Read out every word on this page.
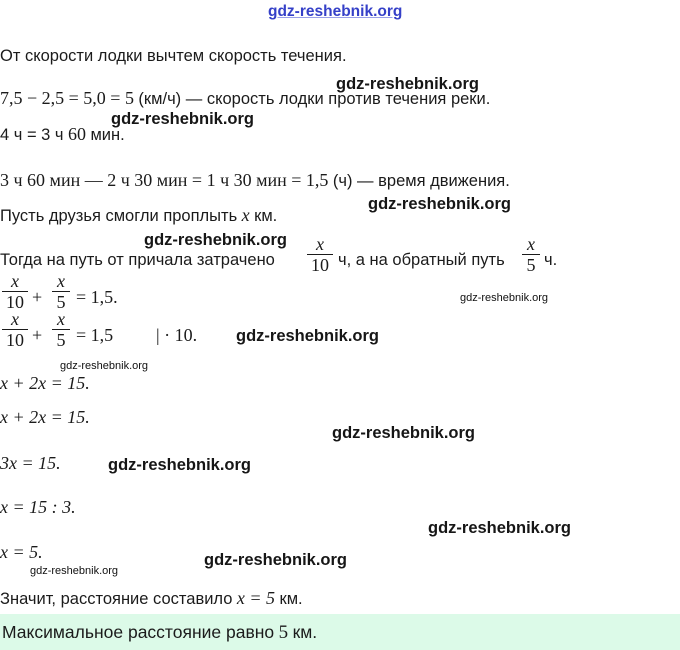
gdz-reshebnik.org
От скорости лодки вычтем скорость течения.
gdz-reshebnik.org
7,5 − 2,5 = 5,0 = 5 (км/ч) — скорость лодки против течения реки.
gdz-reshebnik.org
4 ч = 3 ч 60 мин.
3 ч 60 мин — 2 ч 30 мин = 1 ч 30 мин = 1,5 (ч) — время движения.
gdz-reshebnik.org
Пусть друзья смогли проплыть x км.
gdz-reshebnik.org
Тогда на путь от причала затрачено
x
10 ч, а на обратный путь
x
5 ч.
x
10 +
x
5 = 1,5.	gdz-reshebnik.org
x
10 +
x
5 = 1,5 | · 10. gdz-reshebnik.org
gdz-reshebnik.org
x + 2x = 15.
x + 2x = 15.
gdz-reshebnik.org
3x = 15.	gdz-reshebnik.org
x = 15 : 3.
gdz-reshebnik.org
x = 5.	gdz-reshebnik.org
gdz-reshebnik.org
Значит, расстояние составило x = 5 км.
Максимальное расстояние равно 5 км.
